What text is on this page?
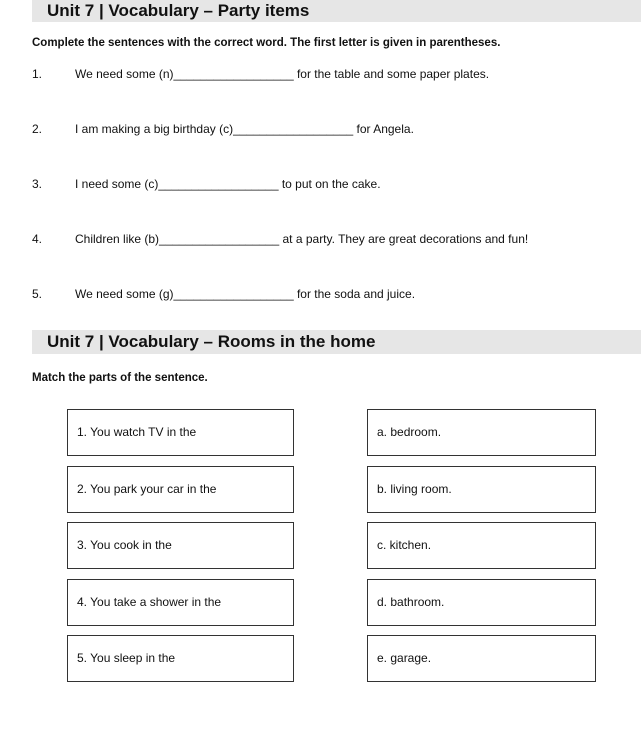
Unit 7 | Vocabulary – Party items
Complete the sentences with the correct word. The first letter is given in parentheses.
1.	We need some (n)__________________ for the table and some paper plates.
2.	I am making a big birthday (c)__________________ for Angela.
3.	I need some (c)__________________ to put on the cake.
4.	Children like (b)__________________ at a party. They are great decorations and fun!
5.	We need some (g)__________________ for the soda and juice.
Unit 7 | Vocabulary – Rooms in the home
Match the parts of the sentence.
1. You watch TV in the
2. You park your car in the
3. You cook in the
4. You take a shower in the
5. You sleep in the
a. bedroom.
b. living room.
c. kitchen.
d. bathroom.
e. garage.
